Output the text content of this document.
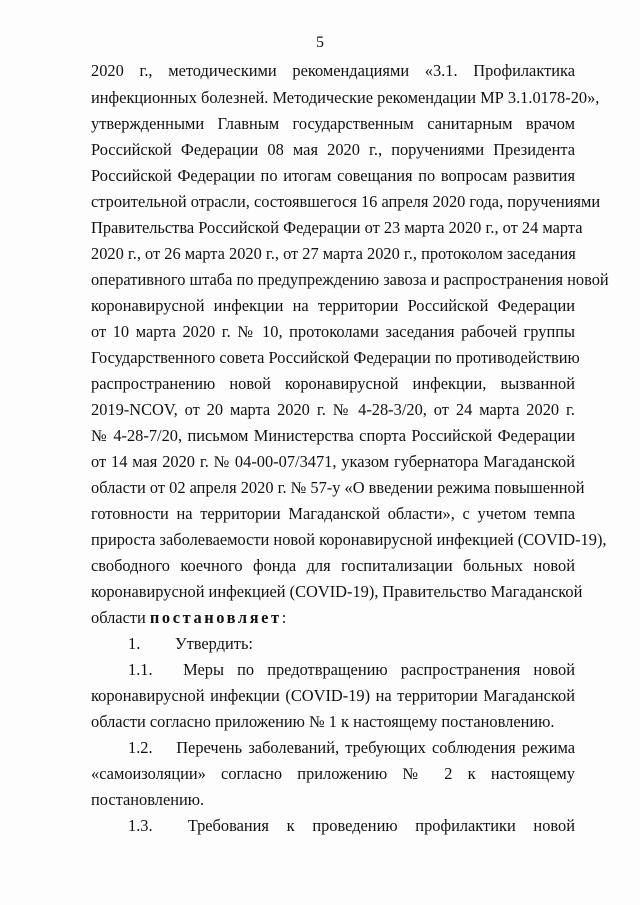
5
2020 г., методическими рекомендациями «3.1. Профилактика
инфекционных болезней. Методические рекомендации МР 3.1.0178-20»,
утвержденными Главным государственным санитарным врачом
Российской Федерации 08 мая 2020 г., поручениями Президента
Российской Федерации по итогам совещания по вопросам развития
строительной отрасли, состоявшегося 16 апреля 2020 года, поручениями
Правительства Российской Федерации от 23 марта 2020 г., от 24 марта
2020 г., от 26 марта 2020 г., от 27 марта 2020 г., протоколом заседания
оперативного штаба по предупреждению завоза и распространения новой
коронавирусной инфекции на территории Российской Федерации
от 10 марта 2020 г. № 10, протоколами заседания рабочей группы
Государственного совета Российской Федерации по противодействию
распространению новой коронавирусной инфекции, вызванной
2019-NCOV, от 20 марта 2020 г. № 4-28-3/20, от 24 марта 2020 г.
№ 4-28-7/20, письмом Министерства спорта Российской Федерации
от 14 мая 2020 г. № 04-00-07/3471, указом губернатора Магаданской
области от 02 апреля 2020 г. № 57-у «О введении режима повышенной
готовности на территории Магаданской области», с учетом темпа
прироста заболеваемости новой коронавирусной инфекцией (COVID-19),
свободного коечного фонда для госпитализации больных новой
коронавирусной инфекцией (COVID-19), Правительство Магаданской
области постановляет:
1. Утвердить:
1.1. Меры по предотвращению распространения новой
коронавирусной инфекции (COVID-19) на территории Магаданской
области согласно приложению № 1 к настоящему постановлению.
1.2. Перечень заболеваний, требующих соблюдения режима
«самоизоляции» согласно приложению № 2 к настоящему
постановлению.
1.3. Требования к проведению профилактики новой
